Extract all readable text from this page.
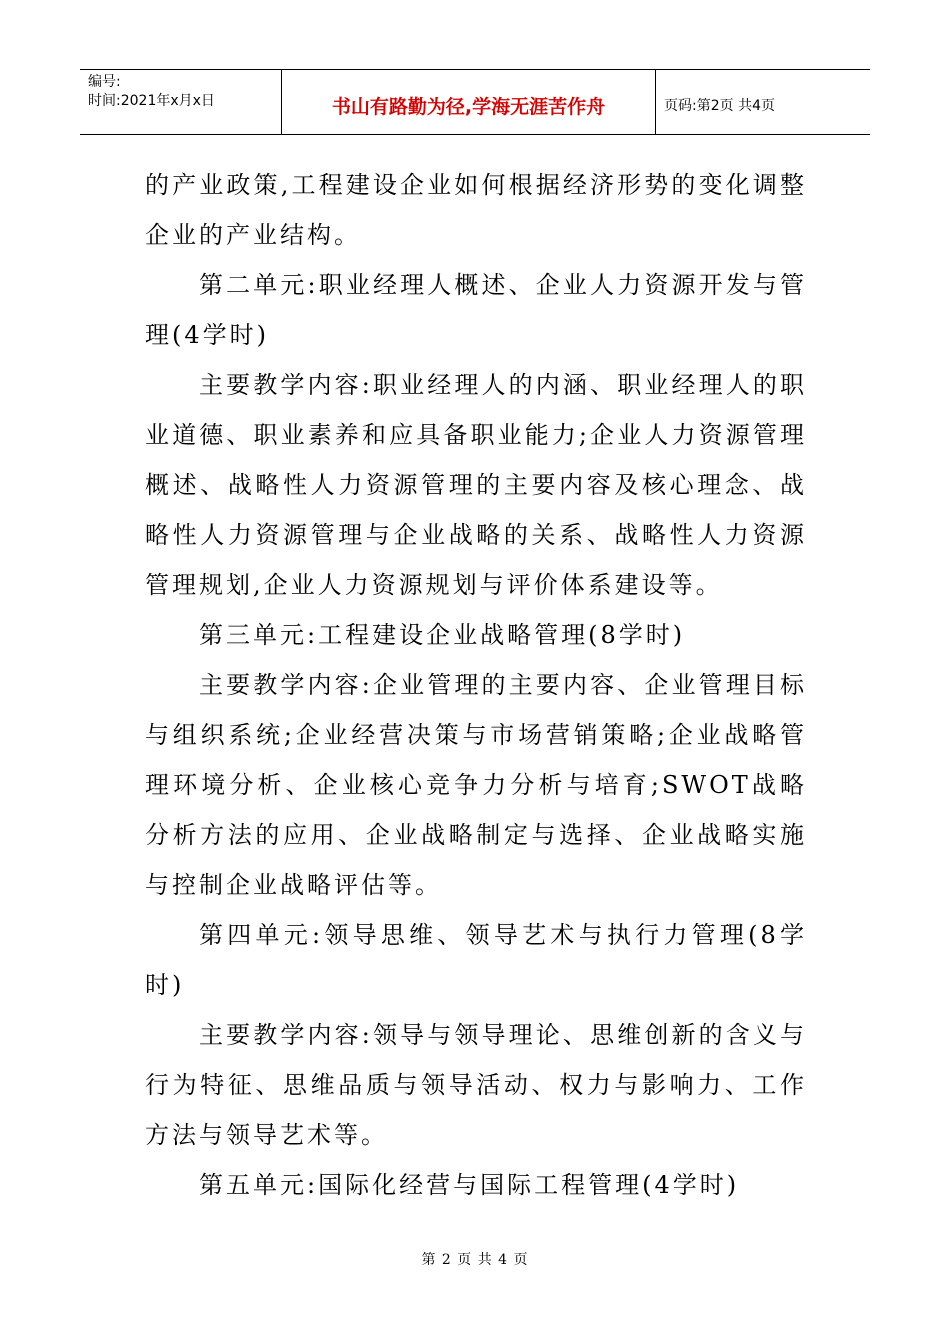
编号:
时间:2021年x月x日	书山有路勤为径,学海无涯苦作舟	页码:第2页 共4页

的产业政策,工程建设企业如何根据经济形势的变化调整企业的产业结构。

第二单元:职业经理人概述、企业人力资源开发与管理(4学时)

主要教学内容:职业经理人的内涵、职业经理人的职业道德、职业素养和应具备职业能力;企业人力资源管理概述、战略性人力资源管理的主要内容及核心理念、战略性人力资源管理与企业战略的关系、战略性人力资源管理规划,企业人力资源规划与评价体系建设等。

第三单元:工程建设企业战略管理(8学时)

主要教学内容:企业管理的主要内容、企业管理目标与组织系统;企业经营决策与市场营销策略;企业战略管理环境分析、企业核心竞争力分析与培育;SWOT战略分析方法的应用、企业战略制定与选择、企业战略实施与控制企业战略评估等。

第四单元:领导思维、领导艺术与执行力管理(8学时)

主要教学内容:领导与领导理论、思维创新的含义与行为特征、思维品质与领导活动、权力与影响力、工作方法与领导艺术等。

第五单元:国际化经营与国际工程管理(4学时)

第 2 页 共 4 页
